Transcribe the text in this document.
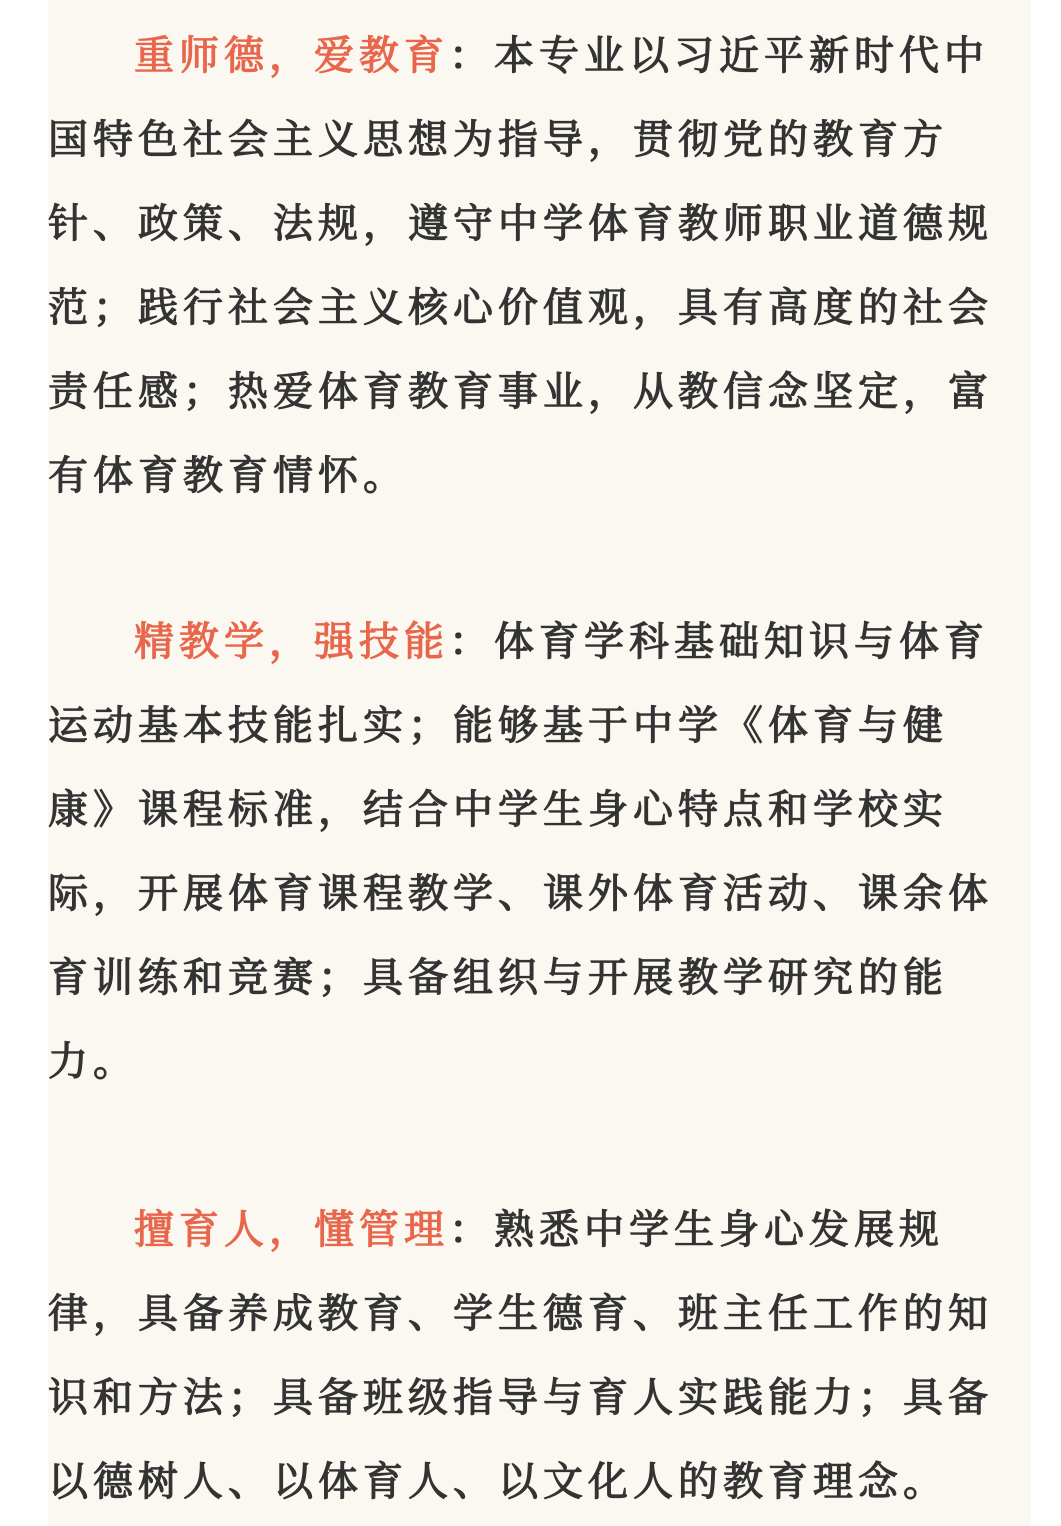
重师德，爱教育：本专业以习近平新时代中
国特色社会主义思想为指导，贯彻党的教育方
针、政策、法规，遵守中学体育教师职业道德规
范；践行社会主义核心价值观，具有高度的社会
责任感；热爱体育教育事业，从教信念坚定，富
有体育教育情怀。
精教学，强技能：体育学科基础知识与体育
运动基本技能扎实；能够基于中学《体育与健
康》课程标准，结合中学生身心特点和学校实
际，开展体育课程教学、课外体育活动、课余体
育训练和竞赛；具备组织与开展教学研究的能
力。
擅育人，懂管理：熟悉中学生身心发展规
律，具备养成教育、学生德育、班主任工作的知
识和方法；具备班级指导与育人实践能力；具备
以德树人、以体育人、以文化人的教育理念。
